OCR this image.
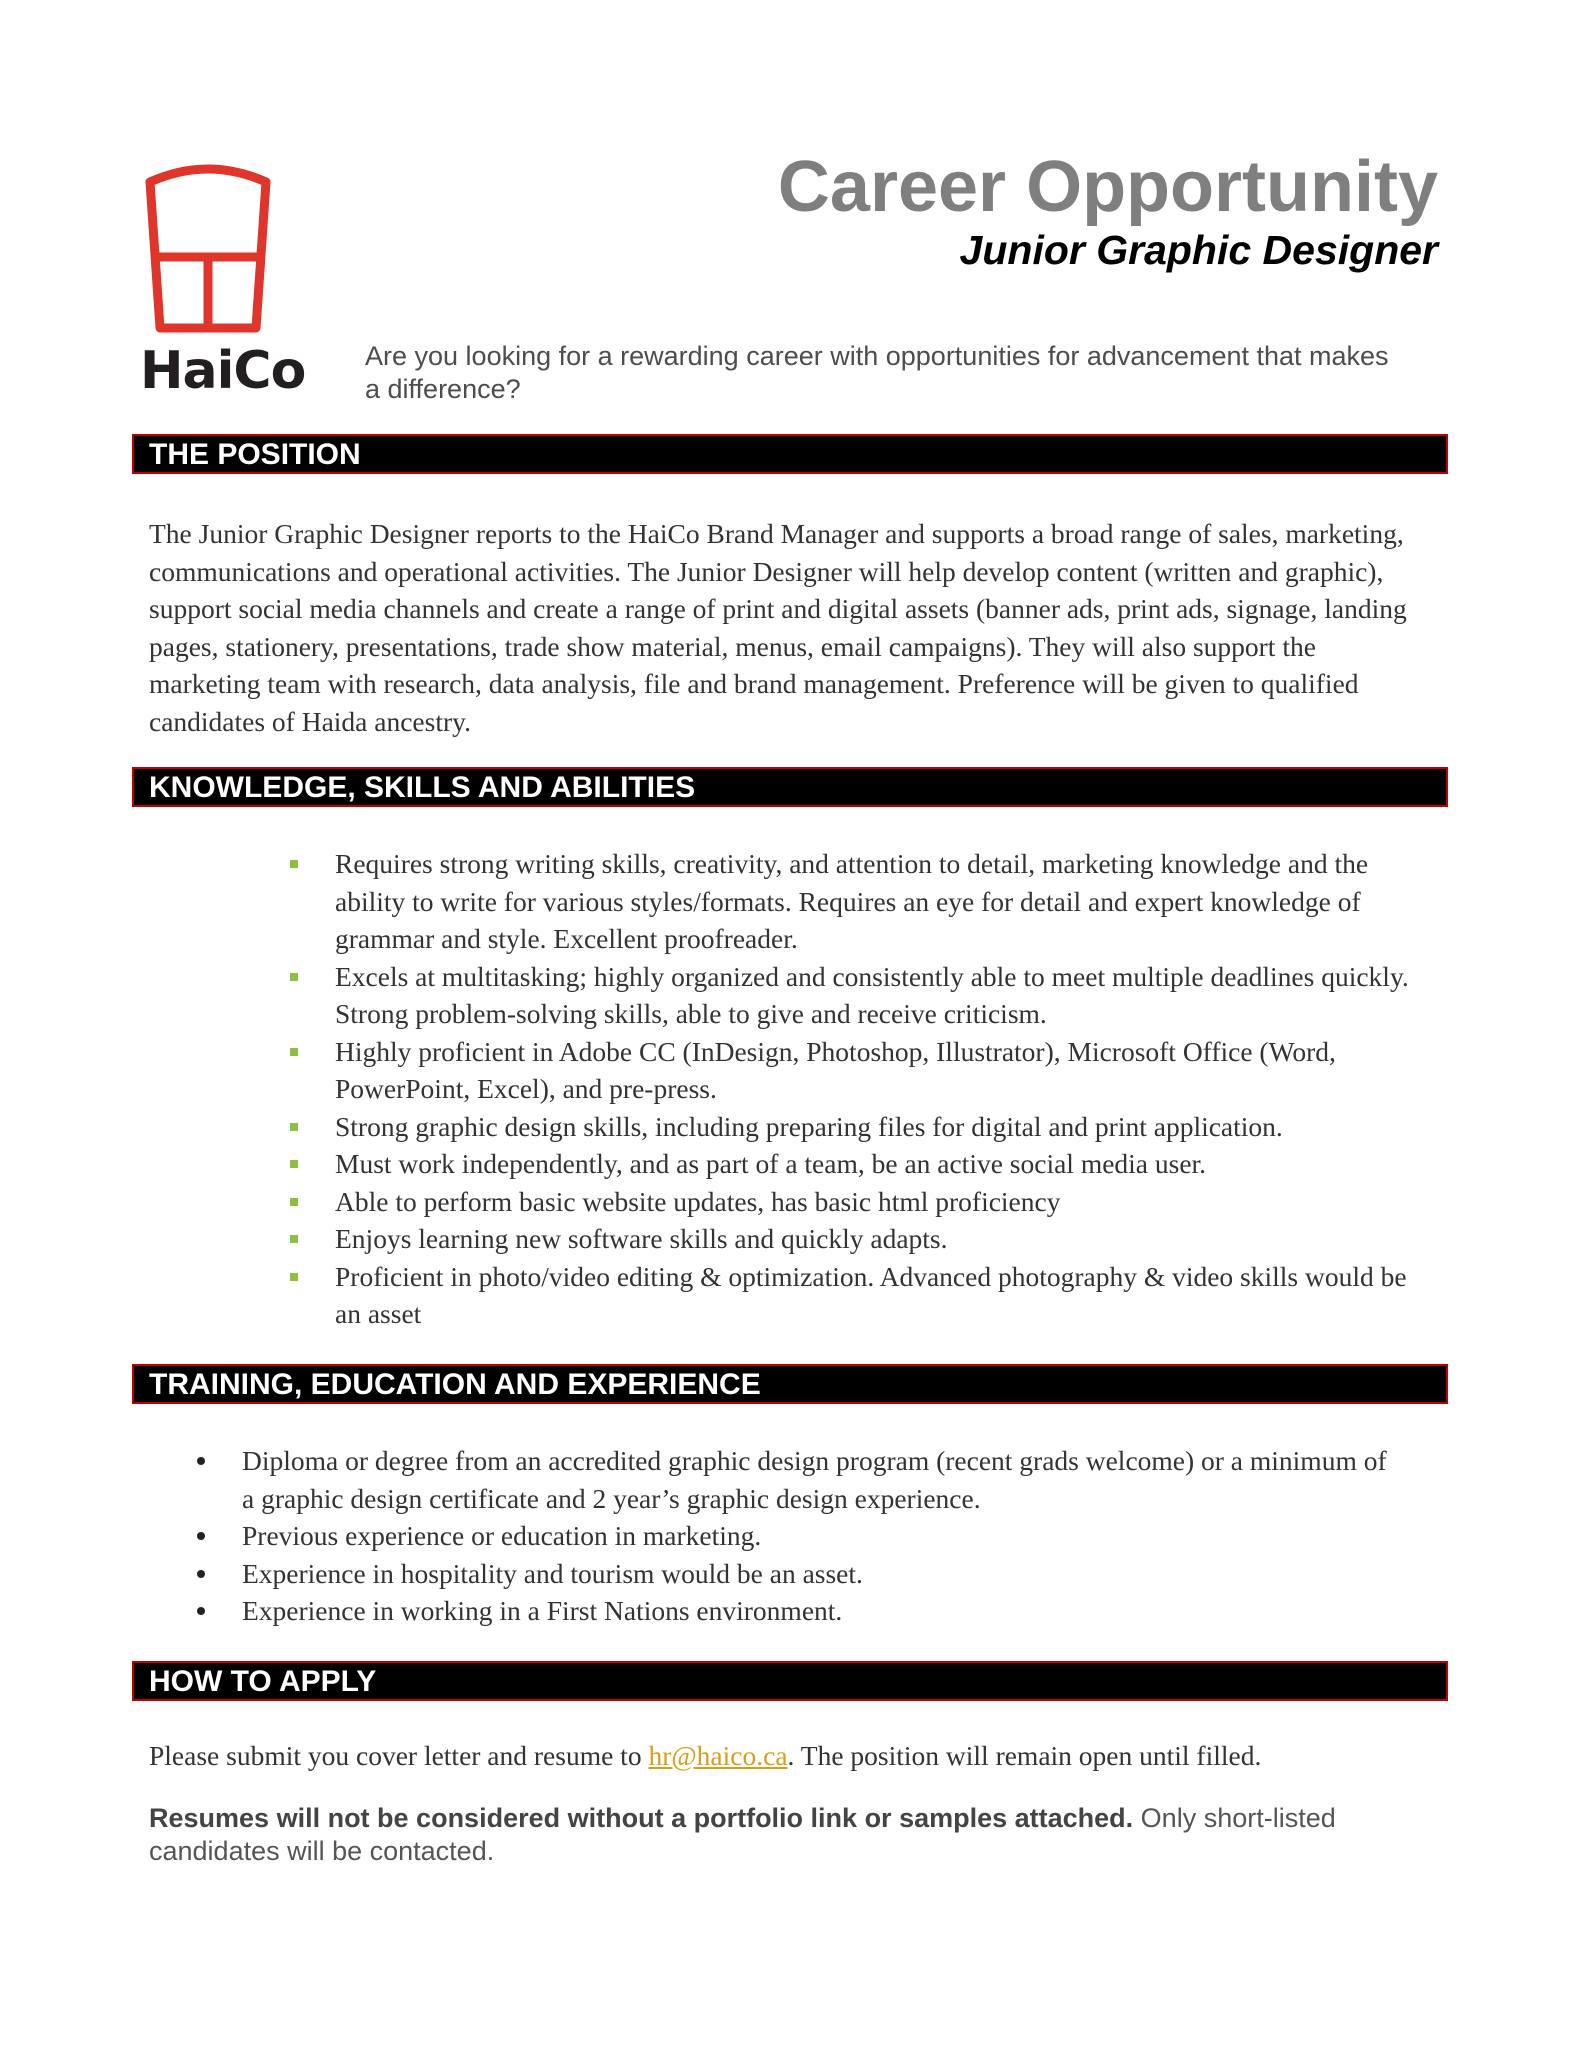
HaiCo
Career Opportunity
Junior Graphic Designer
Are you looking for a rewarding career with opportunities for advancement that makes a difference?
THE POSITION
The Junior Graphic Designer reports to the HaiCo Brand Manager and supports a broad range of sales, marketing, communications and operational activities. The Junior Designer will help develop content (written and graphic), support social media channels and create a range of print and digital assets (banner ads, print ads, signage, landing pages, stationery, presentations, trade show material, menus, email campaigns). They will also support the marketing team with research, data analysis, file and brand management. Preference will be given to qualified candidates of Haida ancestry.
KNOWLEDGE, SKILLS AND ABILITIES
Requires strong writing skills, creativity, and attention to detail, marketing knowledge and the ability to write for various styles/formats. Requires an eye for detail and expert knowledge of grammar and style. Excellent proofreader.
Excels at multitasking; highly organized and consistently able to meet multiple deadlines quickly. Strong problem-solving skills, able to give and receive criticism.
Highly proficient in Adobe CC (InDesign, Photoshop, Illustrator), Microsoft Office (Word, PowerPoint, Excel), and pre-press.
Strong graphic design skills, including preparing files for digital and print application.
Must work independently, and as part of a team, be an active social media user.
Able to perform basic website updates, has basic html proficiency
Enjoys learning new software skills and quickly adapts.
Proficient in photo/video editing & optimization. Advanced photography & video skills would be an asset
TRAINING, EDUCATION AND EXPERIENCE
Diploma or degree from an accredited graphic design program (recent grads welcome) or a minimum of a graphic design certificate and 2 year’s graphic design experience.
Previous experience or education in marketing.
Experience in hospitality and tourism would be an asset.
Experience in working in a First Nations environment.
HOW TO APPLY
Please submit you cover letter and resume to hr@haico.ca. The position will remain open until filled.
Resumes will not be considered without a portfolio link or samples attached. Only short-listed candidates will be contacted.
